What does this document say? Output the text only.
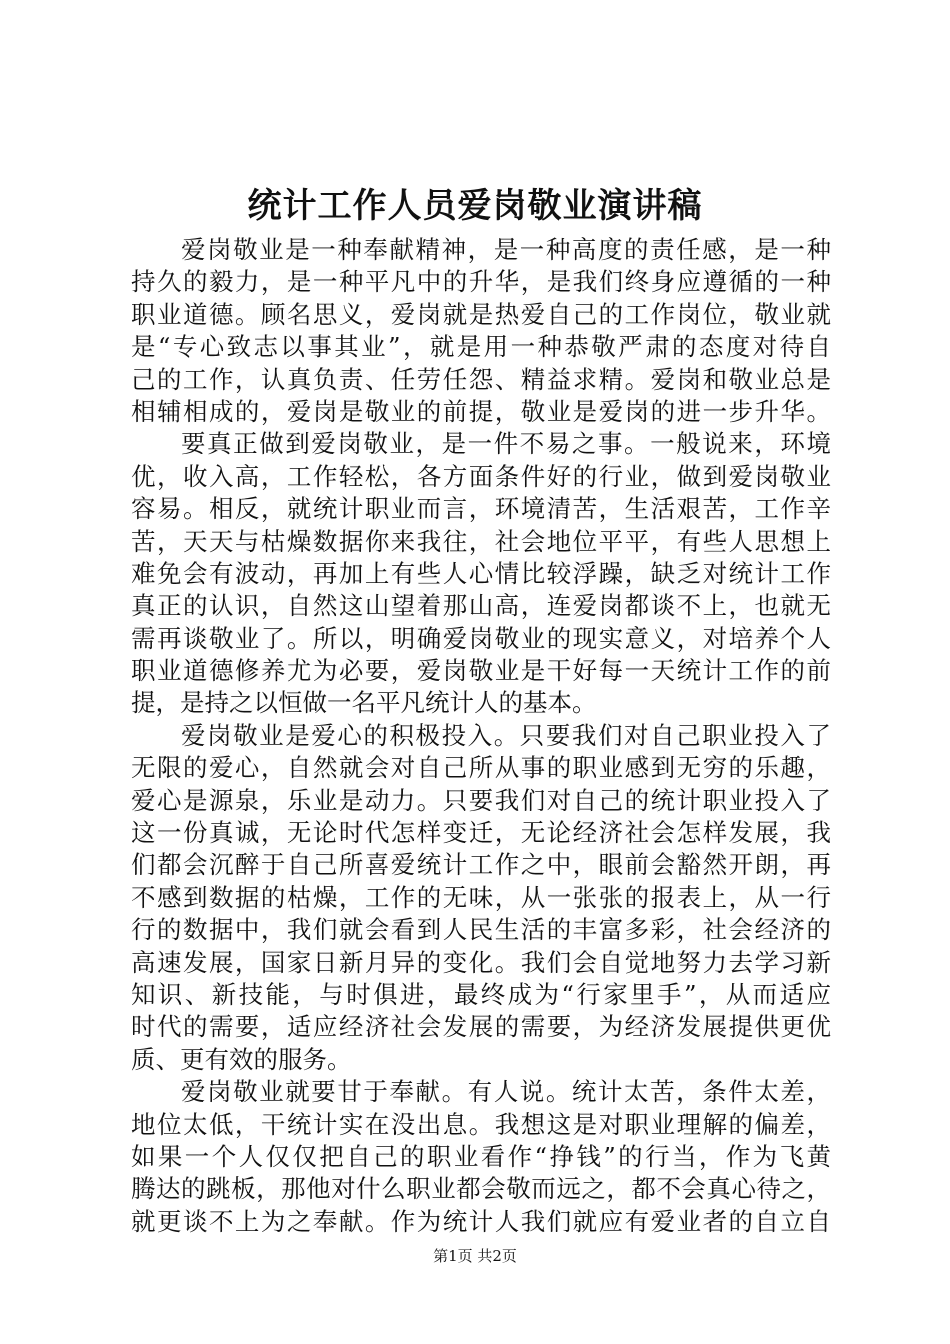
统计工作人员爱岗敬业演讲稿
爱岗敬业是一种奉献精神，是一种高度的责任感，是一种
持久的毅力，是一种平凡中的升华，是我们终身应遵循的一种
职业道德。顾名思义，爱岗就是热爱自己的工作岗位，敬业就
是“专心致志以事其业”，就是用一种恭敬严肃的态度对待自
己的工作，认真负责、任劳任怨、精益求精。爱岗和敬业总是
相辅相成的，爱岗是敬业的前提，敬业是爱岗的进一步升华。
要真正做到爱岗敬业，是一件不易之事。一般说来，环境
优，收入高，工作轻松，各方面条件好的行业，做到爱岗敬业
容易。相反，就统计职业而言，环境清苦，生活艰苦，工作辛
苦，天天与枯燥数据你来我往，社会地位平平，有些人思想上
难免会有波动，再加上有些人心情比较浮躁，缺乏对统计工作
真正的认识，自然这山望着那山高，连爱岗都谈不上，也就无
需再谈敬业了。所以，明确爱岗敬业的现实意义，对培养个人
职业道德修养尤为必要，爱岗敬业是干好每一天统计工作的前
提，是持之以恒做一名平凡统计人的基本。
爱岗敬业是爱心的积极投入。只要我们对自己职业投入了
无限的爱心，自然就会对自己所从事的职业感到无穷的乐趣，
爱心是源泉，乐业是动力。只要我们对自己的统计职业投入了
这一份真诚，无论时代怎样变迁，无论经济社会怎样发展，我
们都会沉醉于自己所喜爱统计工作之中，眼前会豁然开朗，再
不感到数据的枯燥，工作的无味，从一张张的报表上，从一行
行的数据中，我们就会看到人民生活的丰富多彩，社会经济的
高速发展，国家日新月异的变化。我们会自觉地努力去学习新
知识、新技能，与时俱进，最终成为“行家里手”，从而适应
时代的需要，适应经济社会发展的需要，为经济发展提供更优
质、更有效的服务。
爱岗敬业就要甘于奉献。有人说。统计太苦，条件太差，
地位太低，干统计实在没出息。我想这是对职业理解的偏差，
如果一个人仅仅把自己的职业看作“挣钱”的行当，作为飞黄
腾达的跳板，那他对什么职业都会敬而远之，都不会真心待之，
就更谈不上为之奉献。作为统计人我们就应有爱业者的自立自
第1页 共2页
